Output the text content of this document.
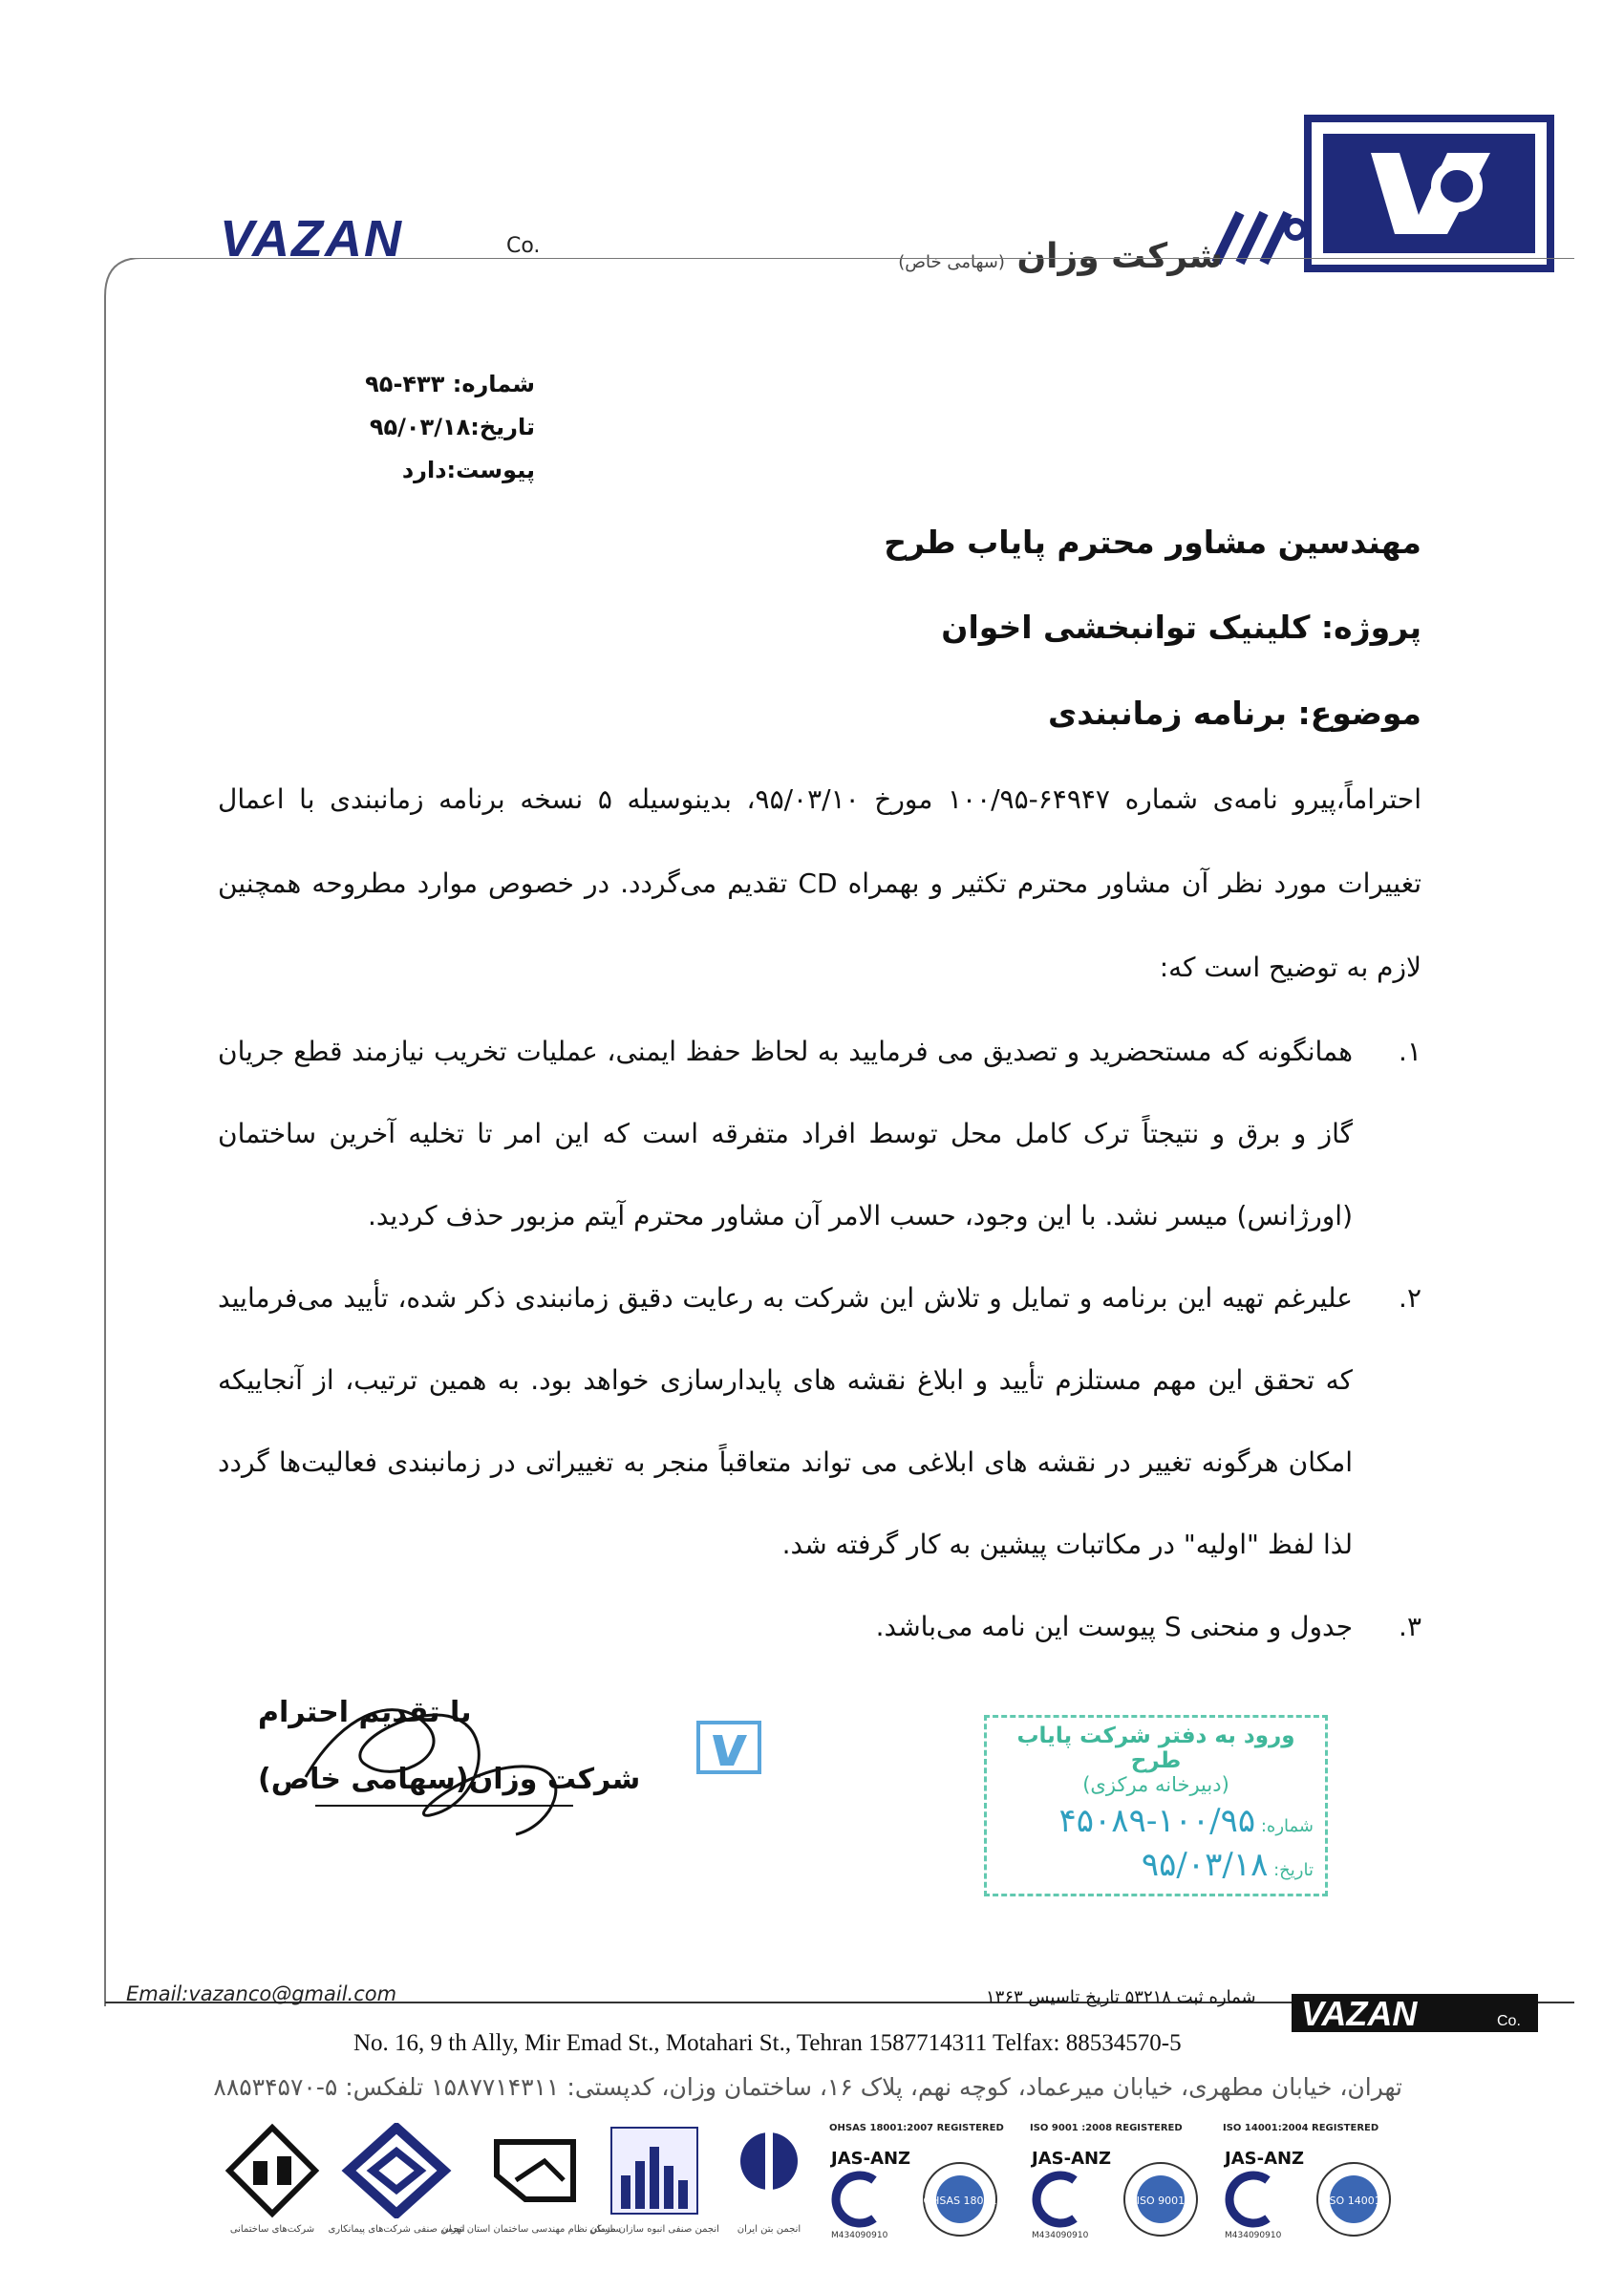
شرکت وزان (سهامی خاص)
VAZAN	Co.
شماره: ۴۳۳-۹۵
تاریخ:۹۵/۰۳/۱۸
پیوست:دارد
مهندسین مشاور محترم پایاب طرح
پروژه: کلینیک توانبخشی اخوان
موضوع: برنامه زمانبندی
احتراماً،پیرو نامه‌ی شماره ۶۴۹۴۷-۱۰۰/۹۵ مورخ ۹۵/۰۳/۱۰، بدینوسیله ۵ نسخه برنامه زمانبندی با اعمال تغییرات مورد نظر آن مشاور محترم تکثیر و بهمراه CD تقدیم می‌گردد. در خصوص موارد مطروحه همچنین لازم به توضیح است که:
۱.
همانگونه که مستحضرید و تصدیق می فرمایید به لحاظ حفظ ایمنی، عملیات تخریب نیازمند قطع جریان گاز و برق و نتیجتاً ترک کامل محل توسط افراد متفرقه است که این امر تا تخلیه آخرین ساختمان (اورژانس) میسر نشد. با این وجود، حسب الامر آن مشاور محترم آیتم مزبور حذف کردید.
۲.
علیرغم تهیه این برنامه و تمایل و تلاش این شرکت به رعایت دقیق زمانبندی ذکر شده، تأیید می‌فرمایید که تحقق این مهم مستلزم تأیید و ابلاغ نقشه های پایدارسازی خواهد بود. به همین ترتیب، از آنجاییکه امکان هرگونه تغییر در نقشه های ابلاغی می تواند متعاقباً منجر به تغییراتی در زمانبندی فعالیت‌ها گردد لذا لفظ "اولیه" در مکاتبات پیشین به کار گرفته شد.
۳.
جدول و منحنی S پیوست این نامه می‌باشد.
با تقدیم احترام
شرکت وزان(سهامی خاص)
ورود به دفتر شرکت پایاب طرح
(دبیرخانه مرکزی)
شماره: ۱۰۰/۹۵-۴۵۰۸۹
تاریخ: ۹۵/۰۳/۱۸
Email:vazanco@gmail.com	شماره ثبت ۵۳۲۱۸ تاریخ تاسیس ۱۳۶۳ VAZAN	Co.
No. 16, 9 th Ally, Mir Emad St., Motahari St., Tehran 1587714311 Telfax: 88534570-5
تهران، خیابان مطهری، خیابان میرعماد، کوچه نهم، پلاک ۱۶، ساختمان وزان، کدپستی: ۱۵۸۷۷۱۴۳۱۱ تلفکس: ۵-۸۸۵۳۴۵۷۰
OHSAS 18001:2007 REGISTERED	ISO 9001 :2008 REGISTERED	ISO 14001:2004 REGISTERED
JAS-ANZ
OHSAS 18001
M434090910
JAS-ANZ
ISO 9001
M434090910
JAS-ANZ
ISO 14001
M434090910
انجمن بتن ایران
انجمن صنفی انبوه سازان مسکن
سازمان نظام مهندسی ساختمان استان تهران
انجمن صنفی شرکت‌های پیمانکاری
شرکت‌های ساختمانی
